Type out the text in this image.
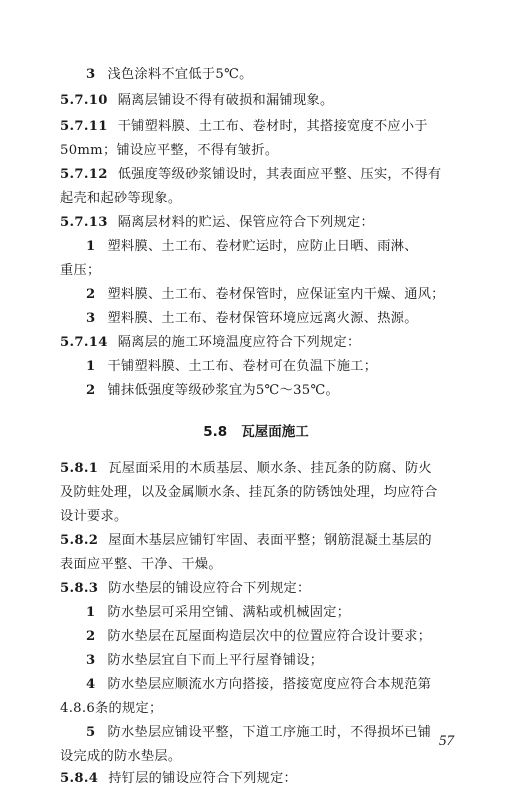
3 浅色涂料不宜低于5℃。
5.7.10 隔离层铺设不得有破损和漏铺现象。
5.7.11 干铺塑料膜、土工布、卷材时，其搭接宽度不应小于
50mm；铺设应平整，不得有皱折。
5.7.12 低强度等级砂浆铺设时，其表面应平整、压实，不得有
起壳和起砂等现象。
5.7.13 隔离层材料的贮运、保管应符合下列规定：
1 塑料膜、土工布、卷材贮运时，应防止日晒、雨淋、
重压；
2 塑料膜、土工布、卷材保管时，应保证室内干燥、通风；
3 塑料膜、土工布、卷材保管环境应远离火源、热源。
5.7.14 隔离层的施工环境温度应符合下列规定：
1 干铺塑料膜、土工布、卷材可在负温下施工；
2 铺抹低强度等级砂浆宜为5℃～35℃。
5.8 瓦屋面施工
5.8.1 瓦屋面采用的木质基层、顺水条、挂瓦条的防腐、防火
及防蛀处理，以及金属顺水条、挂瓦条的防锈蚀处理，均应符合
设计要求。
5.8.2 屋面木基层应铺钉牢固、表面平整；钢筋混凝土基层的
表面应平整、干净、干燥。
5.8.3 防水垫层的铺设应符合下列规定：
1 防水垫层可采用空铺、满粘或机械固定；
2 防水垫层在瓦屋面构造层次中的位置应符合设计要求；
3 防水垫层宜自下而上平行屋脊铺设；
4 防水垫层应顺流水方向搭接，搭接宽度应符合本规范第
4.8.6条的规定；
5 防水垫层应铺设平整，下道工序施工时，不得损坏已铺
设完成的防水垫层。
5.8.4 持钉层的铺设应符合下列规定：
57
